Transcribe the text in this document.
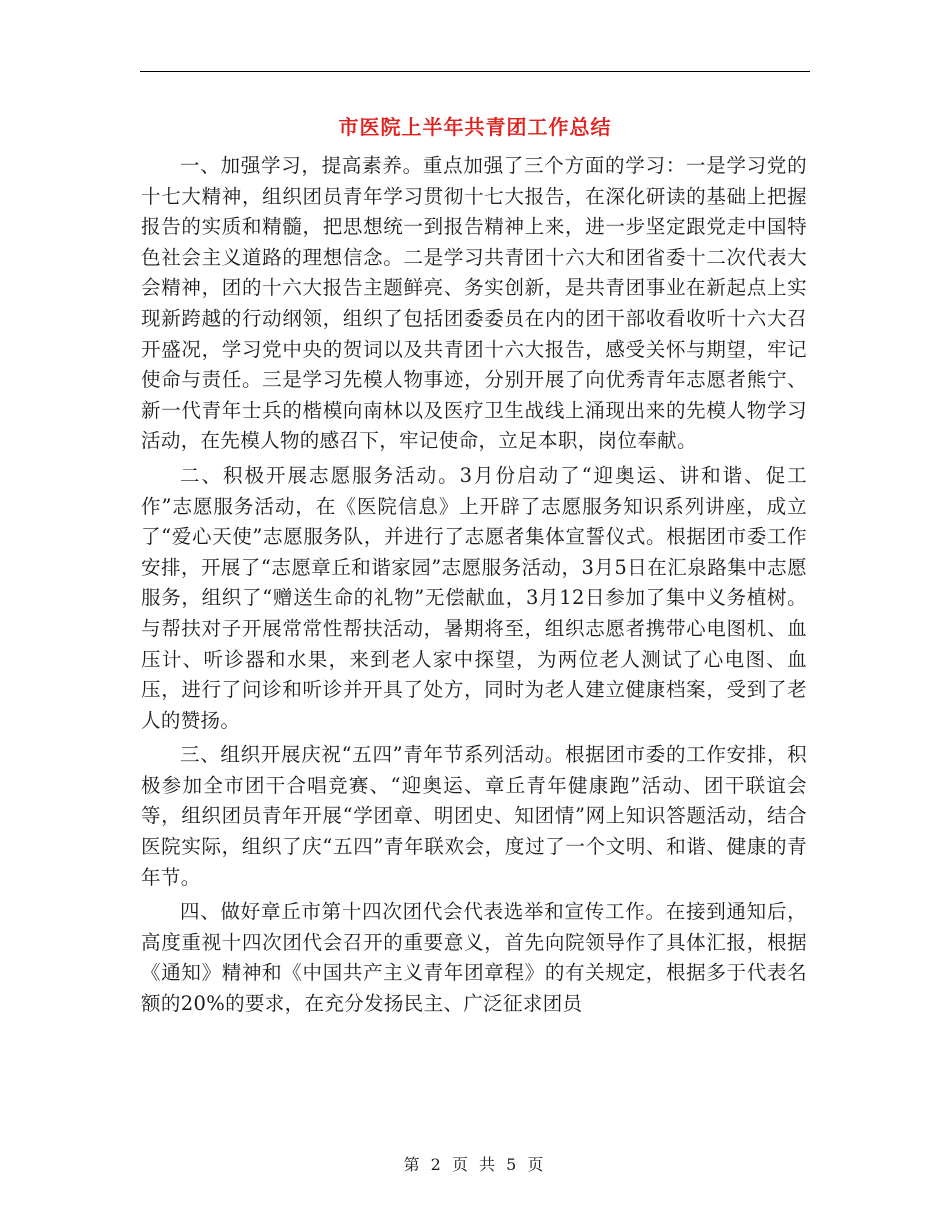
市医院上半年共青团工作总结

一、加强学习，提高素养。重点加强了三个方面的学习：一是学习党的十七大精神，组织团员青年学习贯彻十七大报告，在深化研读的基础上把握报告的实质和精髓，把思想统一到报告精神上来，进一步坚定跟党走中国特色社会主义道路的理想信念。二是学习共青团十六大和团省委十二次代表大会精神，团的十六大报告主题鲜亮、务实创新，是共青团事业在新起点上实现新跨越的行动纲领，组织了包括团委委员在内的团干部收看收听十六大召开盛况，学习党中央的贺词以及共青团十六大报告，感受关怀与期望，牢记使命与责任。三是学习先模人物事迹，分别开展了向优秀青年志愿者熊宁、新一代青年士兵的楷模向南林以及医疗卫生战线上涌现出来的先模人物学习活动，在先模人物的感召下，牢记使命，立足本职，岗位奉献。

二、积极开展志愿服务活动。3月份启动了“迎奥运、讲和谐、促工作”志愿服务活动，在《医院信息》上开辟了志愿服务知识系列讲座，成立了“爱心天使”志愿服务队，并进行了志愿者集体宣誓仪式。根据团市委工作安排，开展了“志愿章丘和谐家园”志愿服务活动，3月5日在汇泉路集中志愿服务，组织了“赠送生命的礼物”无偿献血，3月12日参加了集中义务植树。与帮扶对子开展常常性帮扶活动，暑期将至，组织志愿者携带心电图机、血压计、听诊器和水果，来到老人家中探望，为两位老人测试了心电图、血压，进行了问诊和听诊并开具了处方，同时为老人建立健康档案，受到了老人的赞扬。

三、组织开展庆祝“五四”青年节系列活动。根据团市委的工作安排，积极参加全市团干合唱竞赛、“迎奥运、章丘青年健康跑”活动、团干联谊会等，组织团员青年开展“学团章、明团史、知团情”网上知识答题活动，结合医院实际，组织了庆“五四”青年联欢会，度过了一个文明、和谐、健康的青年节。

四、做好章丘市第十四次团代会代表选举和宣传工作。在接到通知后，高度重视十四次团代会召开的重要意义，首先向院领导作了具体汇报，根据《通知》精神和《中国共产主义青年团章程》的有关规定，根据多于代表名额的20%的要求，在充分发扬民主、广泛征求团员

第 2 页 共 5 页
